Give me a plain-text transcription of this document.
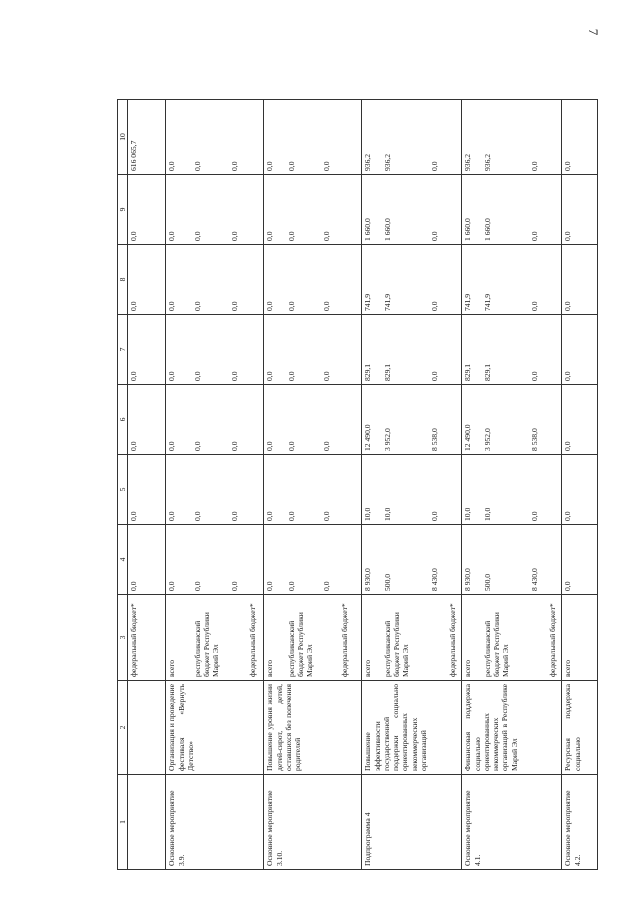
7
1	2	3	4	5	6	7	8	9	10
		федеральный бюджет*	0,0	0,0	0,0	0,0	0,0	0,0	616 065,7
Основное мероприятие 3.9.	Организация и проведение фестиваля «Вернуть Детство»	всего республиканский бюджет Республики Марий Эл федеральный бюджет*	0,0 0,0 0,0	0,0 0,0 0,0	0,0 0,0 0,0	0,0 0,0 0,0	0,0 0,0 0,0	0,0 0,0 0,0	0,0 0,0 0,0

Основное мероприятие 3.10.	Повышение уровня жизни детей-сирот, детей, оставшихся без попечения родителей	всего республиканский бюджет Республики Марий Эл федеральный бюджет*	0,0 0,0 0,0	0,0 0,0 0,0	0,0 0,0 0,0	0,0 0,0 0,0	0,0 0,0 0,0	0,0 0,0 0,0	0,0 0,0 0,0

Подпрограмма 4	Повышение эффективности государственной поддержки социально ориентированных некоммерческих организаций	всего республиканский бюджет Республики Марий Эл федеральный бюджет*	8 930,0 500,0 8 430,0	10,0 10,0 0,0	12 490,0 3 952,0 8 538,0	829,1 829,1 0,0	741,9 741,9 0,0	1 660,0 1 660,0 0,0	936,2 936,2 0,0

Основное мероприятие 4.1.	Финансовая поддержка социально ориентированных некоммерческих организаций в Республике Марий Эл	всего республиканский бюджет Республики Марий Эл федеральный бюджет*	8 930,0 500,0 8 430,0	10,0 10,0 0,0	12 490,0 3 952,0 8 538,0	829,1 829,1 0,0	741,9 741,9 0,0	1 660,0 1 660,0 0,0	936,2 936,2 0,0

Основное мероприятие 4.2.	Ресурсная поддержка социально	всего	0,0	0,0	0,0	0,0	0,0	0,0	0,0
